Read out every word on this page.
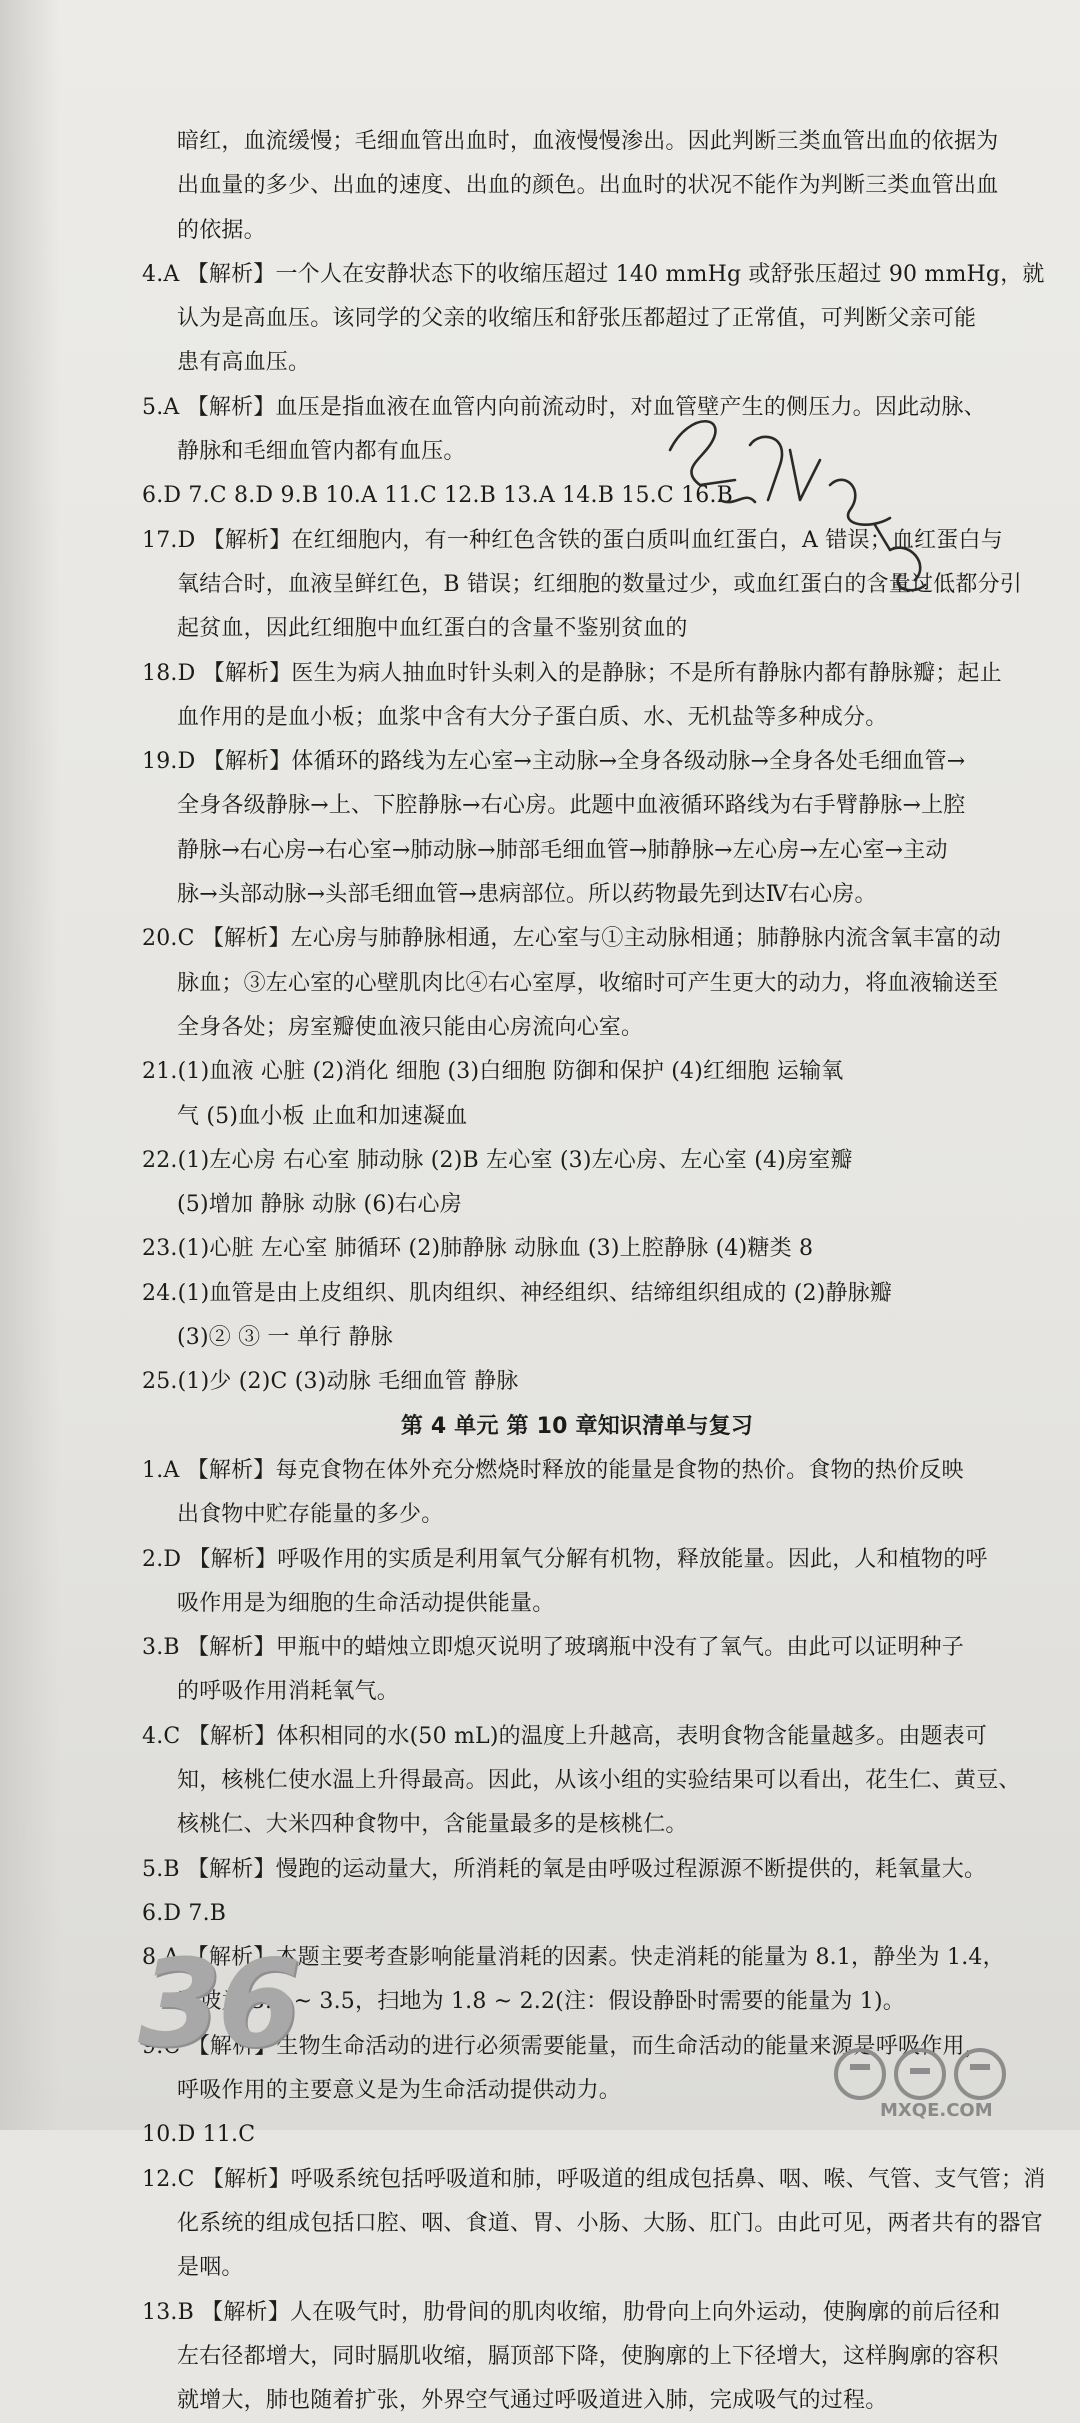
暗红，血流缓慢；毛细血管出血时，血液慢慢渗出。因此判断三类血管出血的依据为
出血量的多少、出血的速度、出血的颜色。出血时的状况不能作为判断三类血管出血
的依据。
4.A 【解析】一个人在安静状态下的收缩压超过 140 mmHg 或舒张压超过 90 mmHg，就
认为是高血压。该同学的父亲的收缩压和舒张压都超过了正常值，可判断父亲可能
患有高血压。
5.A 【解析】血压是指血液在血管内向前流动时，对血管壁产生的侧压力。因此动脉、
静脉和毛细血管内都有血压。
6.D 7.C 8.D 9.B 10.A 11.C 12.B 13.A 14.B 15.C 16.B
17.D 【解析】在红细胞内，有一种红色含铁的蛋白质叫血红蛋白，A 错误；血红蛋白与
氧结合时，血液呈鲜红色，B 错误；红细胞的数量过少，或血红蛋白的含量过低都分引
起贫血，因此红细胞中血红蛋白的含量不鉴别贫血的
18.D 【解析】医生为病人抽血时针头刺入的是静脉；不是所有静脉内都有静脉瓣；起止
血作用的是血小板；血浆中含有大分子蛋白质、水、无机盐等多种成分。
19.D 【解析】体循环的路线为左心室→主动脉→全身各级动脉→全身各处毛细血管→
全身各级静脉→上、下腔静脉→右心房。此题中血液循环路线为右手臂静脉→上腔
静脉→右心房→右心室→肺动脉→肺部毛细血管→肺静脉→左心房→左心室→主动
脉→头部动脉→头部毛细血管→患病部位。所以药物最先到达Ⅳ右心房。
20.C 【解析】左心房与肺静脉相通，左心室与①主动脉相通；肺静脉内流含氧丰富的动
脉血；③左心室的心壁肌肉比④右心室厚，收缩时可产生更大的动力，将血液输送至
全身各处；房室瓣使血液只能由心房流向心室。
21.(1)血液 心脏 (2)消化 细胞 (3)白细胞 防御和保护 (4)红细胞 运输氧
气 (5)血小板 止血和加速凝血
22.(1)左心房 右心室 肺动脉 (2)B 左心室 (3)左心房、左心室 (4)房室瓣
(5)增加 静脉 动脉 (6)右心房
23.(1)心脏 左心室 肺循环 (2)肺静脉 动脉血 (3)上腔静脉 (4)糖类 8
24.(1)血管是由上皮组织、肌肉组织、神经组织、结缔组织组成的 (2)静脉瓣
(3)② ③ 一 单行 静脉
25.(1)少 (2)C (3)动脉 毛细血管 静脉
第 4 单元 第 10 章知识清单与复习
1.A 【解析】每克食物在体外充分燃烧时释放的能量是食物的热价。食物的热价反映
出食物中贮存能量的多少。
2.D 【解析】呼吸作用的实质是利用氧气分解有机物，释放能量。因此，人和植物的呼
吸作用是为细胞的生命活动提供能量。
3.B 【解析】甲瓶中的蜡烛立即熄灭说明了玻璃瓶中没有了氧气。由此可以证明种子
的呼吸作用消耗氧气。
4.C 【解析】体积相同的水(50 mL)的温度上升越高，表明食物含能量越多。由题表可
知，核桃仁使水温上升得最高。因此，从该小组的实验结果可以看出，花生仁、黄豆、
核桃仁、大米四种食物中，含能量最多的是核桃仁。
5.B 【解析】慢跑的运动量大，所消耗的氧是由呼吸过程源源不断提供的，耗氧量大。
6.D 7.B
8.A 【解析】本题主要考查影响能量消耗的因素。快走消耗的能量为 8.1，静坐为 1.4，
爬坡为 3.2 ~ 3.5，扫地为 1.8 ~ 2.2(注：假设静卧时需要的能量为 1)。
9.C 【解析】生物生命活动的进行必须需要能量，而生命活动的能量来源是呼吸作用，
呼吸作用的主要意义是为生命活动提供动力。
10.D 11.C
12.C 【解析】呼吸系统包括呼吸道和肺，呼吸道的组成包括鼻、咽、喉、气管、支气管；消
化系统的组成包括口腔、咽、食道、胃、小肠、大肠、肛门。由此可见，两者共有的器官
是咽。
13.B 【解析】人在吸气时，肋骨间的肌肉收缩，肋骨向上向外运动，使胸廓的前后径和
左右径都增大，同时膈肌收缩，膈顶部下降，使胸廓的上下径增大，这样胸廓的容积
就增大，肺也随着扩张，外界空气通过呼吸道进入肺，完成吸气的过程。
36
MXQE.COM
